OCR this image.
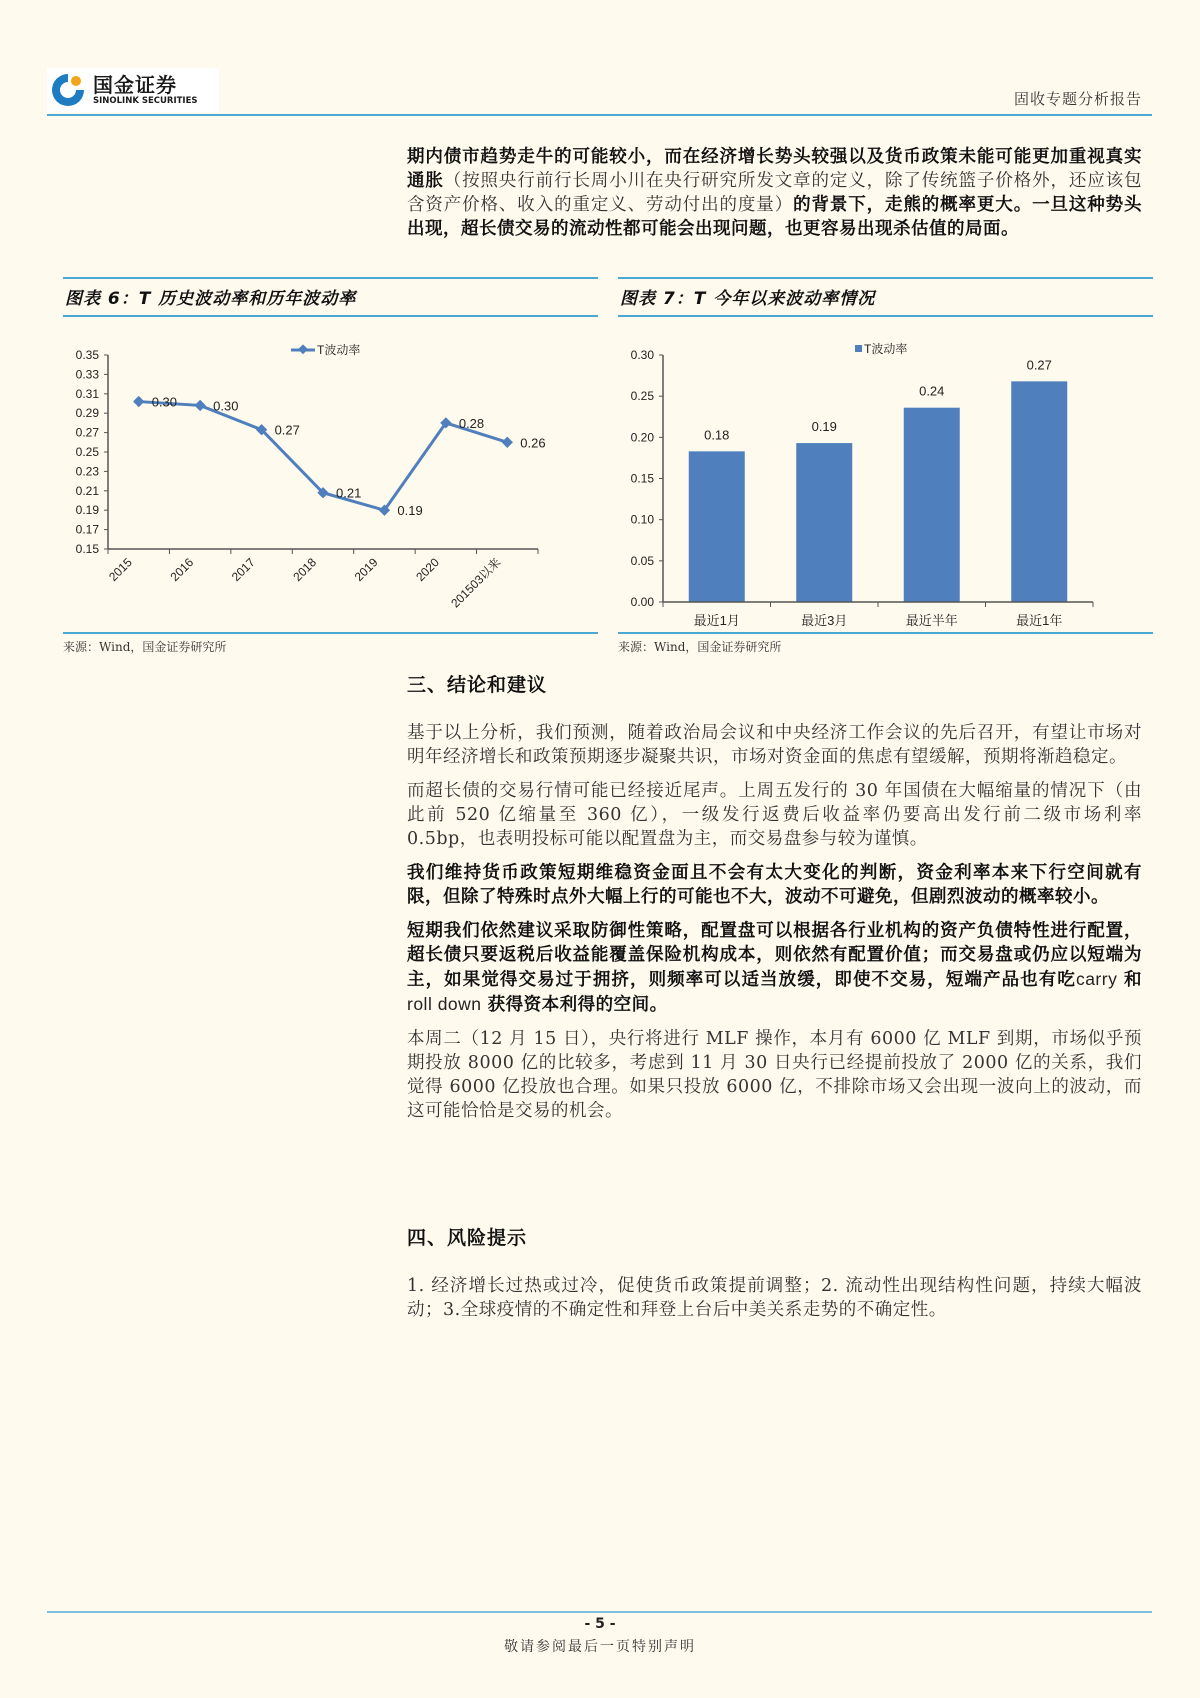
国金证券
SINOLINK SECURITIES	固收专题分析报告

期内债市趋势走牛的可能较小，而在经济增长势头较强以及货币政策未能可能更加重视真实通胀（按照央行前行长周小川在央行研究所发文章的定义，除了传统篮子价格外，还应该包含资产价格、收入的重定义、劳动付出的度量）的背景下，走熊的概率更大。一旦这种势头出现，超长债交易的流动性都可能会出现问题，也更容易出现杀估值的局面。

图表 6：T 历史波动率和历年波动率
0.35
0.33
0.31
0.29
0.27
0.25
0.23
0.21
0.19
0.17
0.15
2015	2016	2017	2018	2019	2020 201503以来
T波动率
0.30	0.30
0.27
0.21
0.19
0.28
0.26
来源：Wind，国金证券研究所
图表 7：T 今年以来波动率情况
0.30
0.25
0.20
0.15
0.10
0.05
0.00
0.18
最近1月
0.19
最近3月
0.24
最近半年
0.27
最近1年
T波动率
来源：Wind，国金证券研究所
三、结论和建议

基于以上分析，我们预测，随着政治局会议和中央经济工作会议的先后召开，有望让市场对明年经济增长和政策预期逐步凝聚共识，市场对资金面的焦虑有望缓解，预期将渐趋稳定。

而超长债的交易行情可能已经接近尾声。上周五发行的 30 年国债在大幅缩量的情况下（由此前 520 亿缩量至 360 亿），一级发行返费后收益率仍要高出发行前二级市场利率 0.5bp，也表明投标可能以配置盘为主，而交易盘参与较为谨慎。

我们维持货币政策短期维稳资金面且不会有太大变化的判断，资金利率本来下行空间就有限，但除了特殊时点外大幅上行的可能也不大，波动不可避免，但剧烈波动的概率较小。

短期我们依然建议采取防御性策略，配置盘可以根据各行业机构的资产负债特性进行配置，超长债只要返税后收益能覆盖保险机构成本，则依然有配置价值；而交易盘或仍应以短端为主，如果觉得交易过于拥挤，则频率可以适当放缓，即使不交易，短端产品也有吃carry 和 roll down 获得资本利得的空间。

本周二（12 月 15 日），央行将进行 MLF 操作，本月有 6000 亿 MLF 到期，市场似乎预期投放 8000 亿的比较多，考虑到 11 月 30 日央行已经提前投放了 2000 亿的关系，我们觉得 6000 亿投放也合理。如果只投放 6000 亿，不排除市场又会出现一波向上的波动，而这可能恰恰是交易的机会。

四、风险提示

1. 经济增长过热或过冷，促使货币政策提前调整；2. 流动性出现结构性问题，持续大幅波动；3.全球疫情的不确定性和拜登上台后中美关系走势的不确定性。

- 5 -
敬请参阅最后一页特别声明
